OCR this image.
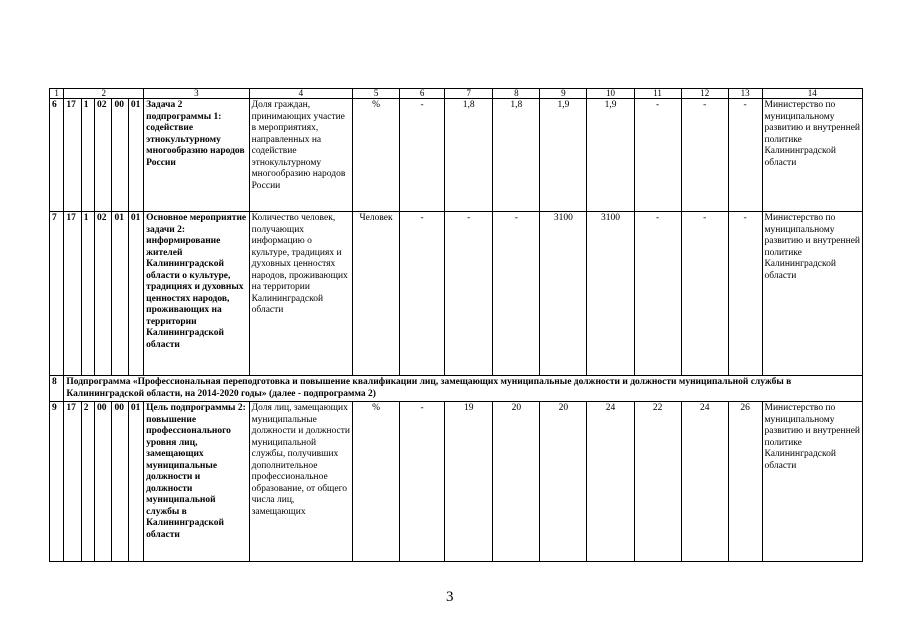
1	2					3	4	5	6	7	8	9	10	11	12	13	14
6	17	1	02	00	01	Задача 2 подпрограммы 1: содействие этнокультурному многообразию народов России	Доля граждан, принимающих участие в мероприятиях, направленных на содействие этнокультурному многообразию народов России	%	-	1,8	1,8	1,9	1,9	-	-	-	Министерство по муниципальному развитию и внутренней политике Калининградской области
7	17	1	02	01	01	Основное мероприятие задачи 2: информирование жителей Калининградской области о культуре, традициях и духовных ценностях народов, проживающих на территории Калининградской области	Количество человек, получающих информацию о культуре, традициях и духовных ценностях народов, проживающих на территории Калининградской области	Человек	-	-	-	3100	3100	-	-	-	Министерство по муниципальному развитию и внутренней политике Калининградской области
8	Подпрограмма «Профессиональная переподготовка и повышение квалификации лиц, замещающих муниципальные должности и должности муниципальной службы в Калининградской области, на 2014-2020 годы» (далее - подпрограмма 2)																
9	17	2	00	00	01	Цель подпрограммы 2: повышение профессионального уровня лиц, замещающих муниципальные должности и должности муниципальной службы в Калининградской области	Доля лиц, замещающих муниципальные должности и должности муниципальной службы, получивших дополнительное профессиональное образование, от общего числа лиц, замещающих	%	-	19	20	20	24	22	24	26	Министерство по муниципальному развитию и внутренней политике Калининградской области
3
